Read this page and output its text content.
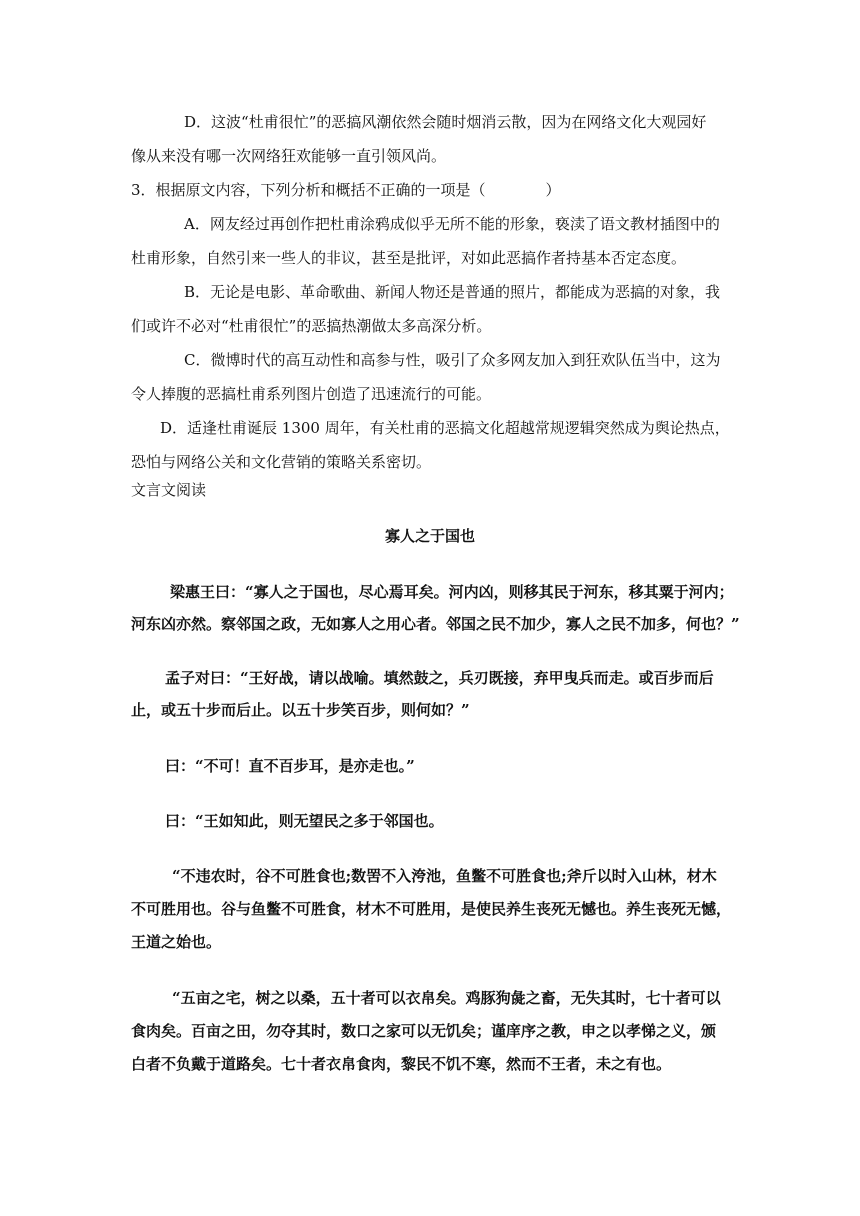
D．这波“杜甫很忙”的恶搞风潮依然会随时烟消云散，因为在网络文化大观园好
像从来没有哪一次网络狂欢能够一直引领风尚。
3．根据原文内容，下列分析和概括不正确的一项是（　　　　）
A．网友经过再创作把杜甫涂鸦成似乎无所不能的形象，亵渎了语文教材插图中的
杜甫形象，自然引来一些人的非议，甚至是批评，对如此恶搞作者持基本否定态度。
B．无论是电影、革命歌曲、新闻人物还是普通的照片，都能成为恶搞的对象，我
们或许不必对“杜甫很忙”的恶搞热潮做太多高深分析。
C．微博时代的高互动性和高参与性，吸引了众多网友加入到狂欢队伍当中，这为
令人捧腹的恶搞杜甫系列图片创造了迅速流行的可能。
D．适逢杜甫诞辰 1300 周年，有关杜甫的恶搞文化超越常规逻辑突然成为舆论热点，
恐怕与网络公关和文化营销的策略关系密切。
文言文阅读
寡人之于国也
梁惠王曰：“寡人之于国也，尽心焉耳矣。河内凶，则移其民于河东，移其粟于河内；
河东凶亦然。察邻国之政，无如寡人之用心者。邻国之民不加少，寡人之民不加多，何也？”
孟子对曰：“王好战，请以战喻。填然鼓之，兵刃既接，弃甲曳兵而走。或百步而后
止，或五十步而后止。以五十步笑百步，则何如？”
曰：“不可！直不百步耳，是亦走也。”
曰：“王如知此，则无望民之多于邻国也。
“不违农时，谷不可胜食也;数罟不入洿池，鱼鳖不可胜食也;斧斤以时入山林，材木
不可胜用也。谷与鱼鳖不可胜食，材木不可胜用，是使民养生丧死无憾也。养生丧死无憾，
王道之始也。
“五亩之宅，树之以桑，五十者可以衣帛矣。鸡豚狗彘之畜，无失其时，七十者可以
食肉矣。百亩之田，勿夺其时，数口之家可以无饥矣；谨庠序之教，申之以孝悌之义，颁
白者不负戴于道路矣。七十者衣帛食肉，黎民不饥不寒，然而不王者，未之有也。
